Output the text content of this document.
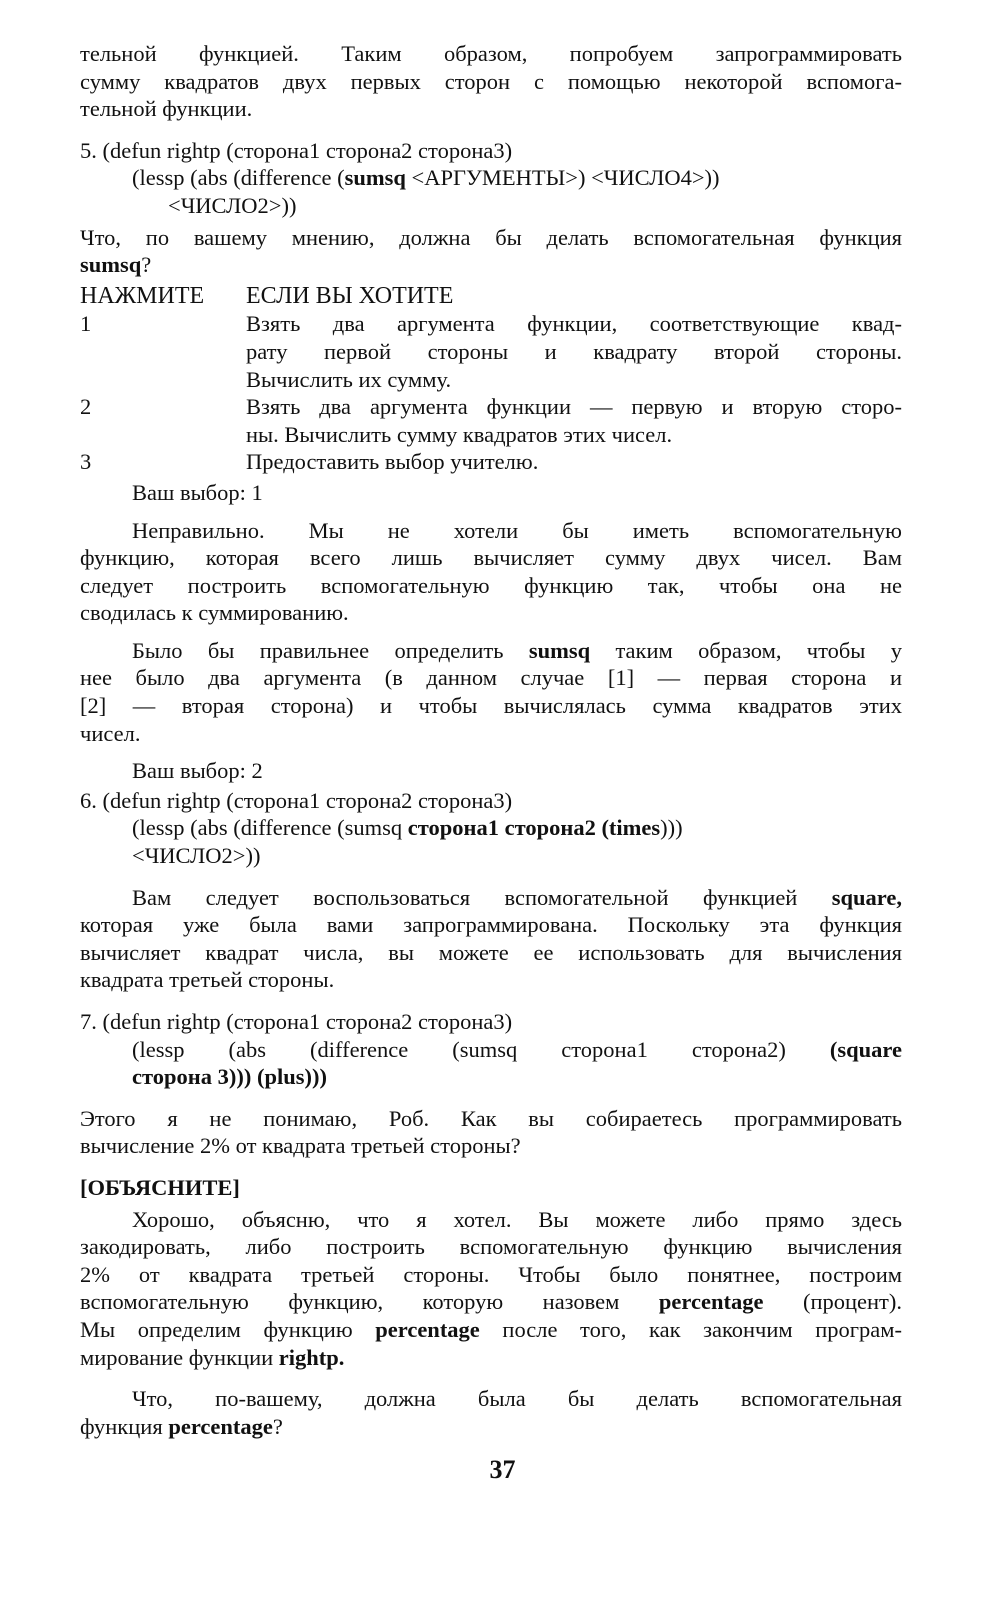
тельной функцией. Таким образом, попробуем запрограммировать
сумму квадратов двух первых сторон с помощью некоторой вспомога-
тельной функции.
5. (defun rightp (сторона1 сторона2 сторона3)
(lessp (abs (difference (sumsq <АРГУМЕНТЫ>) <ЧИСЛО4>))
<ЧИСЛО2>))
Что, по вашему мнению, должна бы делать вспомогательная функция
sumsq?
НАЖМИТЕ	ЕСЛИ ВЫ ХОТИТЕ
1	Взять два аргумента функции, соответствующие квад-
рату первой стороны и квадрату второй стороны.
Вычислить их сумму.
2	Взять два аргумента функции — первую и вторую сторо-
ны. Вычислить сумму квадратов этих чисел.
3	Предоставить выбор учителю.
Ваш выбор: 1
Неправильно. Мы не хотели бы иметь вспомогательную
функцию, которая всего лишь вычисляет сумму двух чисел. Вам
следует построить вспомогательную функцию так, чтобы она не
сводилась к суммированию.
Было бы правильнее определить sumsq таким образом, чтобы у
нее было два аргумента (в данном случае [1] — первая сторона и
[2] — вторая сторона) и чтобы вычислялась сумма квадратов этих
чисел.
Ваш выбор: 2
6. (defun rightp (сторона1 сторона2 сторона3)
(lessp (abs (difference (sumsq сторона1 сторона2 (times)))
<ЧИСЛО2>))
Вам следует воспользоваться вспомогательной функцией square,
которая уже была вами запрограммирована. Поскольку эта функция
вычисляет квадрат числа, вы можете ее использовать для вычисления
квадрата третьей стороны.
7. (defun rightp (сторона1 сторона2 сторона3)
(lessp (abs (difference (sumsq сторона1 сторона2) (square
сторона 3))) (plus)))
Этого я не понимаю, Роб. Как вы собираетесь программировать
вычисление 2% от квадрата третьей стороны?
[ОБЪЯСНИТЕ]
Хорошо, объясню, что я хотел. Вы можете либо прямо здесь
закодировать, либо построить вспомогательную функцию вычисления
2% от квадрата третьей стороны. Чтобы было понятнее, построим
вспомогательную функцию, которую назовем percentage (процент).
Мы определим функцию percentage после того, как закончим програм-
мирование функции rightp.
Что, по-вашему, должна была бы делать вспомогательная
функция percentage?
37
